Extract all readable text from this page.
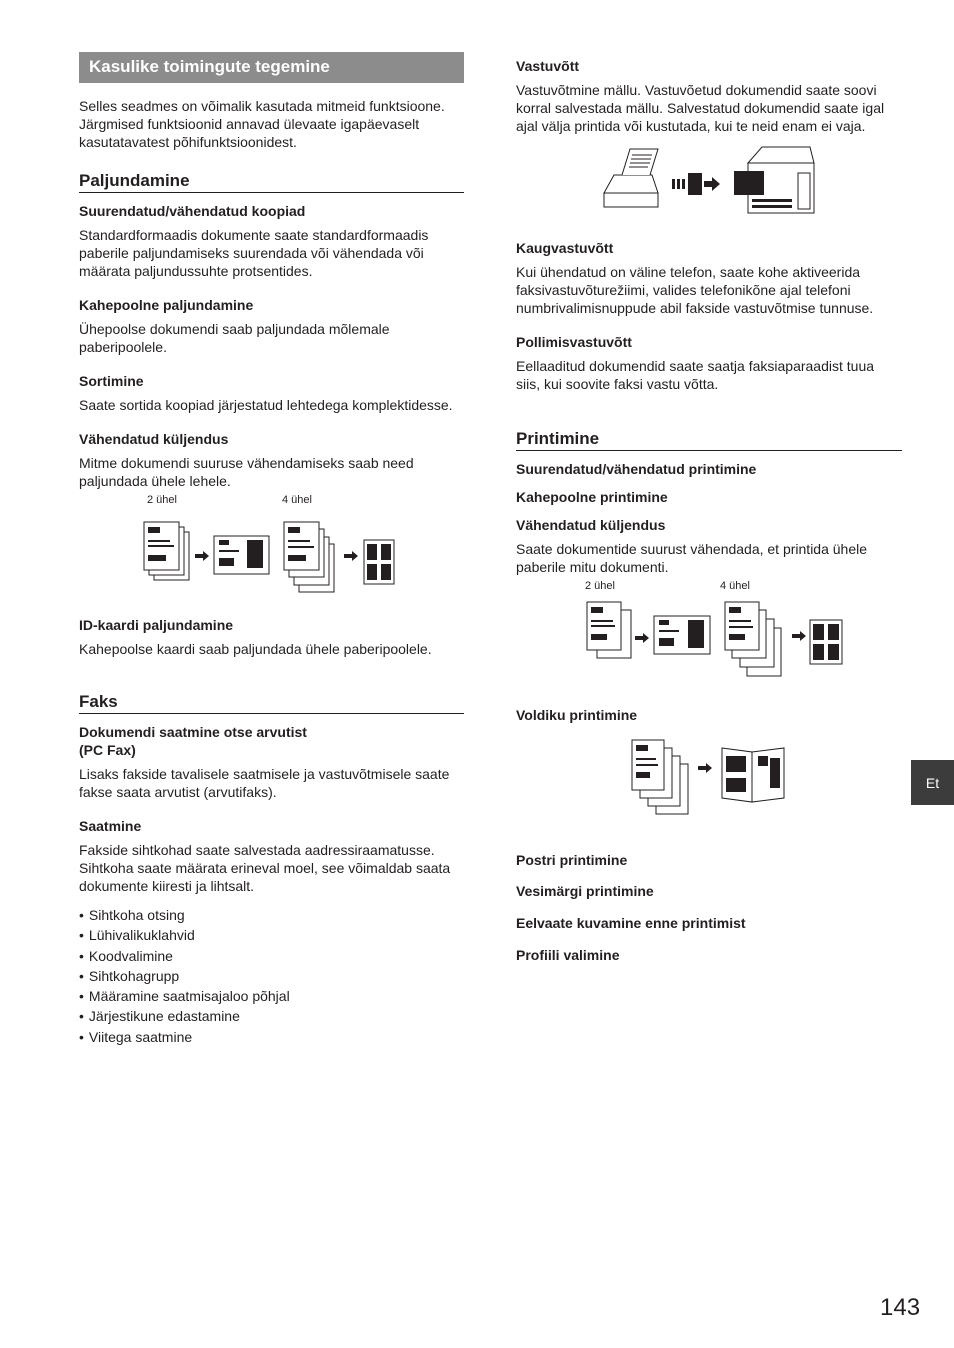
Kasulike toimingute tegemine

Selles seadmes on võimalik kasutada mitmeid funktsioone. Järgmised funktsioonid annavad ülevaate igapäevaselt kasutatavatest põhifunktsioonidest.

Paljundamine
Suurendatud/vähendatud koopiad

Standardformaadis dokumente saate standardformaadis paberile paljundamiseks suurendada või vähendada või määrata paljundussuhte protsentides.

Kahepoolne paljundamine

Ühepoolse dokumendi saab paljundada mõlemale paberipoolele.

Sortimine

Saate sortida koopiad järjestatud lehtedega komplektidesse.

Vähendatud küljendus

Mitme dokumendi suuruse vähendamiseks saab need paljundada ühele lehele.

2 ühel	4 ühel
ID-kaardi paljundamine

Kahepoolse kaardi saab paljundada ühele paberipoolele.

Faks
Dokumendi saatmine otse arvutist
(PC Fax)

Lisaks fakside tavalisele saatmisele ja vastuvõtmisele saate fakse saata arvutist (arvutifaks).

Saatmine

Fakside sihtkohad saate salvestada aadressiraamatusse. Sihtkoha saate määrata erineval moel, see võimaldab saata dokumente kiiresti ja lihtsalt.

• Sihtkoha otsing
• Lühivalikuklahvid
• Koodvalimine
• Sihtkohagrupp
• Määramine saatmisajaloo põhjal
• Järjestikune edastamine
• Viitega saatmine
Vastuvõtt

Vastuvõtmine mällu. Vastuvõetud dokumendid saate soovi korral salvestada mällu. Salvestatud dokumendid saate igal ajal välja printida või kustutada, kui te neid enam ei vaja.

Kaugvastuvõtt

Kui ühendatud on väline telefon, saate kohe aktiveerida faksivastuvõturežiimi, valides telefonikõne ajal telefoni numbrivalimisnuppude abil fakside vastuvõtmise tunnuse.

Pollimisvastuvõtt

Eellaaditud dokumendid saate saatja faksiaparaadist tuua siis, kui soovite faksi vastu võtta.

Printimine
Suurendatud/vähendatud printimine
Kahepoolne printimine
Vähendatud küljendus

Saate dokumentide suurust vähendada, et printida ühele paberile mitu dokumenti.

2 ühel	4 ühel
Voldiku printimine
Postri printimine
Vesimärgi printimine
Eelvaate kuvamine enne printimist
Profiili valimine
Et
143
